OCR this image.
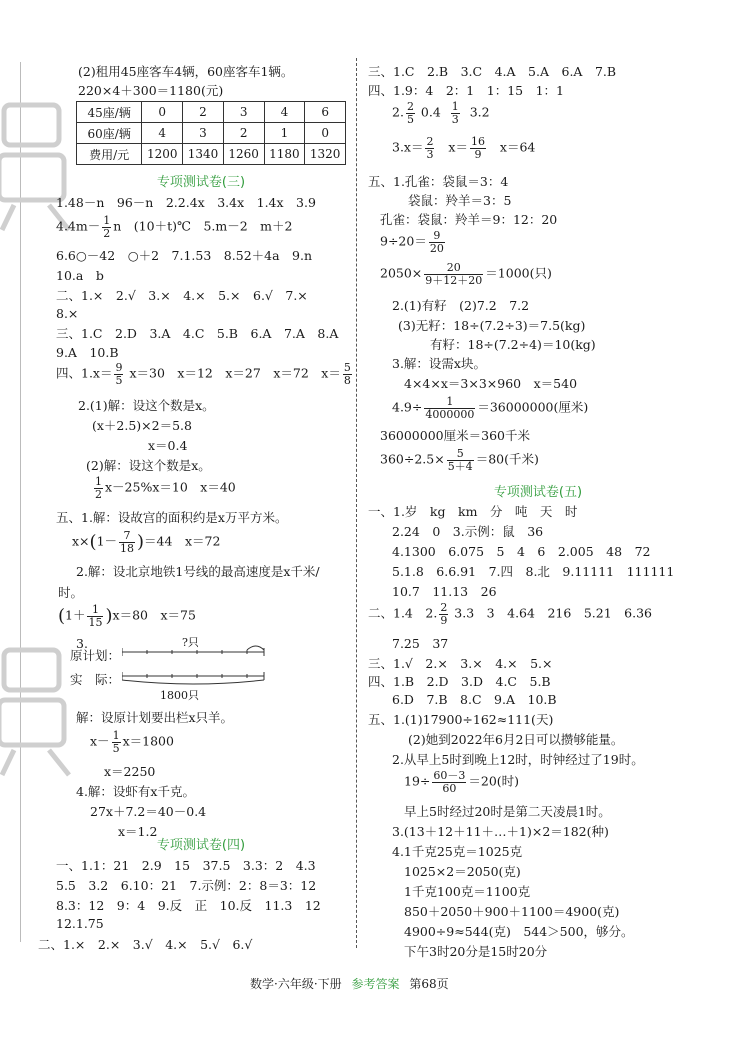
(2)租用45座客车4辆，60座客车1辆。
220×4＋300＝1180(元)
45座/辆	0	2	3	4	6
60座/辆	4	3	2	1	0
费用/元	1200	1340	1260	1180	1320
专项测试卷(三)
1.48－n　96－n　2.2.4x　3.4x　1.4x　3.9
$4.4m- \frac{1}{2}$ n　(10＋t)℃　5.m－2　m＋2
6.6○－42　○＋2　7.1.53　8.52＋4a　9.n
10.a　b
二、1.×　2.√　3.×　4.×　5.×　6.√　7.×
8.×
三、1.C　2.D　3.A　4.C　5.B　6.A　7.A　8.A
9.A　10.B
四、$1.x= \frac{9}{5} x=30$　x＝12　x＝27　x＝72　$x= \frac{5}{8}$
2.(1)解：设这个数是x。
(x＋2.5)×2＝5.8
x＝0.4
(2)解：设这个数是x。
$\frac{1}{2} x-25\%x=10$　x＝40
五、1.解：设故宫的面积约是x万平方米。
$x\times(1- \frac{7}{18} )=44$　x＝72
2.解：设北京地铁1号线的最高速度是x千米/
时。
$(1+ \frac{1}{15} )x=80$　x＝75
3.
原计划：
实　际：
?只
1800只
解：设原计划要出栏x只羊。
$x- \frac{1}{5} x=1800$
x＝2250
4.解：设虾有x千克。
27x＋7.2＝40－0.4
x＝1.2
专项测试卷(四)
一、1.1：21　2.9　15　37.5　3.3：2　4.3
5.5　3.2　6.10：21　7.示例：2：8＝3：12
8.3：12　9：4　9.反　正　10.反　11.3　12
12.1.75
二、1.×　2.×　3.√　4.×　5.√　6.√
三、1.C　2.B　3.C　4.A　5.A　6.A　7.B
四、1.9：4　2：1　1：15　1：1
2. $\frac{2}{5} 0.4 \frac{1}{3} 3.2$
$3.x= \frac{2}{3} x= \frac{16}{9} x=64$
五、1.孔雀：袋鼠＝3：4
袋鼠：羚羊＝3：5
孔雀：袋鼠：羚羊＝9：12：20
$9\div 20= \frac{9}{20}$
$2050\times \frac{20}{9+12+20} =1000$(只)
2.(1)有籽　(2)7.2　7.2
(3)无籽：18÷(7.2÷3)＝7.5(kg)
有籽：18÷(7.2÷4)＝10(kg)
3.解：设需x块。
4×4×x＝3×3×960　x＝540
$4.9\div \frac{1}{4000000} =36000000$(厘米)
36000000厘米＝360千米
$360\div 2.5\times \frac{5}{5+4} =80$(千米)
专项测试卷(五)
一、1.岁　kg　km　分　吨　天　时
2.24　0　3.示例：鼠　36
4.1300　6.075　5　4　6　2.005　48　72
5.1.8　6.6.91　7.四　8.北　9.11111　111111
10.7　11.13　26
二、1.4　2. $\frac{2}{9} 3.3$　3　4.64　216　5.21　6.36
7.25　37
三、1.√　2.×　3.×　4.×　5.×
四、1.B　2.D　3.D　4.C　5.B
6.D　7.B　8.C　9.A　10.B
五、1.(1)17900÷162≈111(天)
(2)她到2022年6月2日可以攒够能量。
2.从早上5时到晚上12时，时钟经过了19时。
$19\div \frac{60-3}{60} =20$(时)
早上5时经过20时是第二天凌晨1时。
3.(13＋12＋11＋…＋1)×2＝182(种)
4.1千克25克＝1025克
1025×2＝2050(克)
1千克100克＝1100克
850＋2050＋900＋1100＝4900(克)
4900÷9≈544(克)　544＞500，够分。
下午3时20分是15时20分
数学·六年级·下册 参考答案 第68页
